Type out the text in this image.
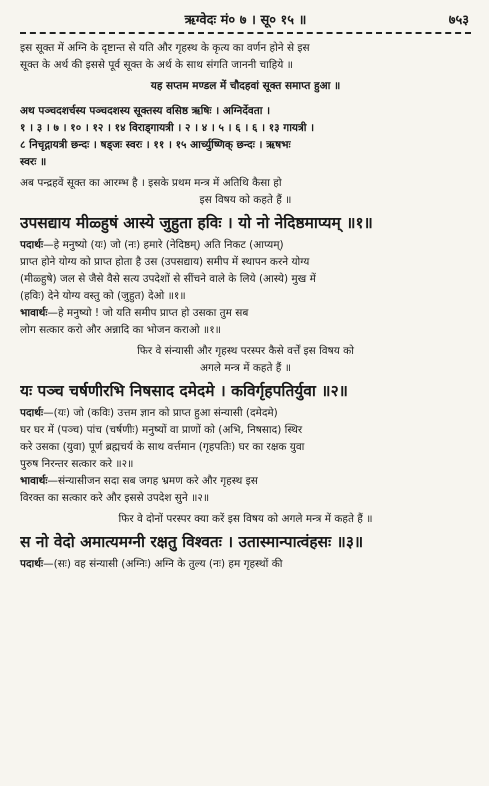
ऋग्वेदः मं० ७ । सू० १५ ॥	७५३

इस सूक्त में अग्नि के दृष्टान्त से यति और गृहस्थ के कृत्य का वर्णन होने से इस

सूक्त के अर्थ की इससे पूर्व सूक्त के अर्थ के साथ संगति जाननी चाहिये ॥

यह सप्तम मण्डल में चौदहवां सूक्त समाप्त हुआ ॥

अथ पञ्चदशर्चस्य पञ्चदशस्य सूक्तस्य वसिष्ठ ऋषिः । अग्निर्देवता ।

१ । ३ । ७ । १० । १२ । १४ विराड्गायत्री । २ । ४ । ५ । ६ । ६ । १३ गायत्री ।

८ निचृद्गायत्री छन्दः । षड्जः स्वरः । ११ । १५ आर्च्युष्णिक् छन्दः । ऋषभः

स्वरः ॥

अब पन्द्रहवें सूक्त का आरम्भ है । इसके प्रथम मन्त्र में अतिथि कैसा हो

इस विषय को कहते हैं ॥

उपसद्याय मीळ्हुषं आस्ये जुहुता हविः । यो नो नेदिष्ठमाप्यम् ॥१॥

पदार्थः—हे मनुष्यो (यः) जो (नः) हमारे (नेदिष्ठम्) अति निकट (आप्यम्)

प्राप्त होने योग्य को प्राप्त होता है उस (उपसद्याय) समीप में स्थापन करने योग्य

(मीळ्हुषे) जल से जैसे वैसे सत्य उपदेशों से सींचने वाले के लिये (आस्ये) मुख में

(हविः) देने योग्य वस्तु को (जुहुत) देओ ॥१॥

भावार्थः—हे मनुष्यो ! जो यति समीप प्राप्त हो उसका तुम सब

लोग सत्कार करो और अन्नादि का भोजन कराओ ॥१॥

फिर वे संन्यासी और गृहस्थ परस्पर कैसे वर्त्तें इस विषय को

अगले मन्त्र में कहते हैं ॥

यः पञ्च चर्षणीरभि निषसाद दमेदमे । कविर्गृहपतिर्युवा ॥२॥

पदार्थः—(यः) जो (कविः) उत्तम ज्ञान को प्राप्त हुआ संन्यासी (दमेदमे)

घर घर में (पञ्च) पांच (चर्षणीः) मनुष्यों वा प्राणों को (अभि, निषसाद) स्थिर

करे उसका (युवा) पूर्ण ब्रह्मचर्य के साथ वर्त्तमान (गृहपतिः) घर का रक्षक युवा

पुरुष निरन्तर सत्कार करे ॥२॥

भावार्थः—संन्यासीजन सदा सब जगह भ्रमण करे और गृहस्थ इस

विरक्त का सत्कार करे और इससे उपदेश सुने ॥२॥

फिर वे दोनों परस्पर क्या करें इस विषय को अगले मन्त्र में कहते हैं ॥

स नो वेदो अमात्यमग्नी रक्षतु विश्वतः । उतास्मान्पात्वंहसः ॥३॥

पदार्थः—(सः) वह संन्यासी (अग्निः) अग्नि के तुल्य (नः) हम गृहस्थों की
